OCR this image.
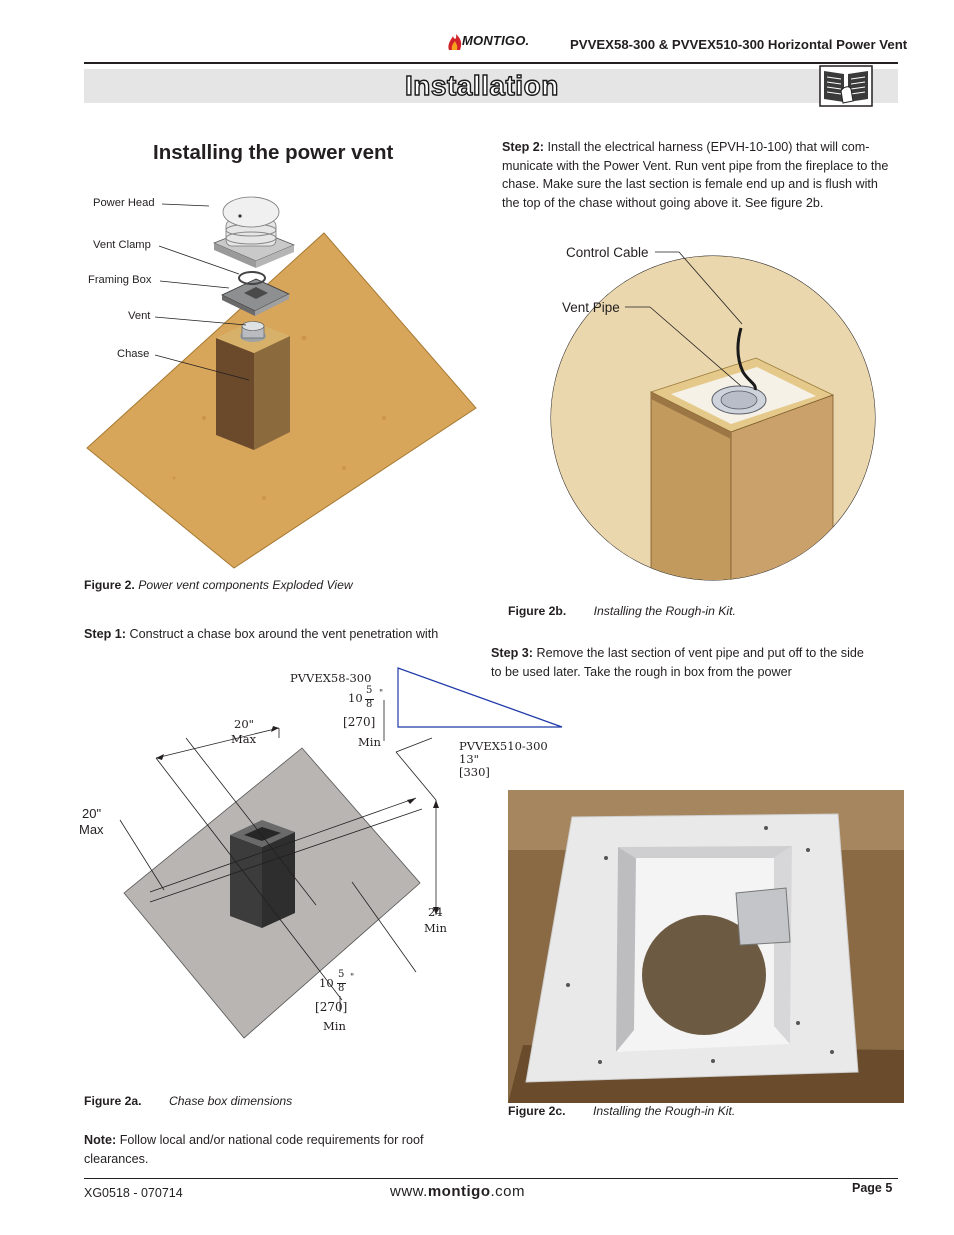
MONTIGO.	PVVEX58-300 & PVVEX510-300 Horizontal Power Vent
Installation
Installing the power vent
Power Head
Vent Clamp
Framing Box
Vent
Chase
Figure 2. Power vent components Exploded View
Step 1: Construct a chase box around the vent penetration with
PVVEX58-300
10
5
8
"
[270]
Min
20"
Max	PVVEX510-300
13"
[330]
20"
Max
24
Min
10
5
8
"
[270]
Min
Figure 2a. Chase box dimensions
Note: Follow local and/or national code requirements for roof
clearances.
Step 2: Install the electrical harness (EPVH-10-100) that will com-
municate with the Power Vent. Run vent pipe from the fireplace to the
chase. Make sure the last section is female end up and is flush with
the top of the chase without going above it. See figure 2b.
Control Cable
Vent Pipe
Figure 2b. Installing the Rough-in Kit.
Step 3: Remove the last section of vent pipe and put off to the side
to be used later. Take the rough in box from the power
Figure 2c. Installing the Rough-in Kit.
XG0518 - 070714	www.montigo.com	Page 5
